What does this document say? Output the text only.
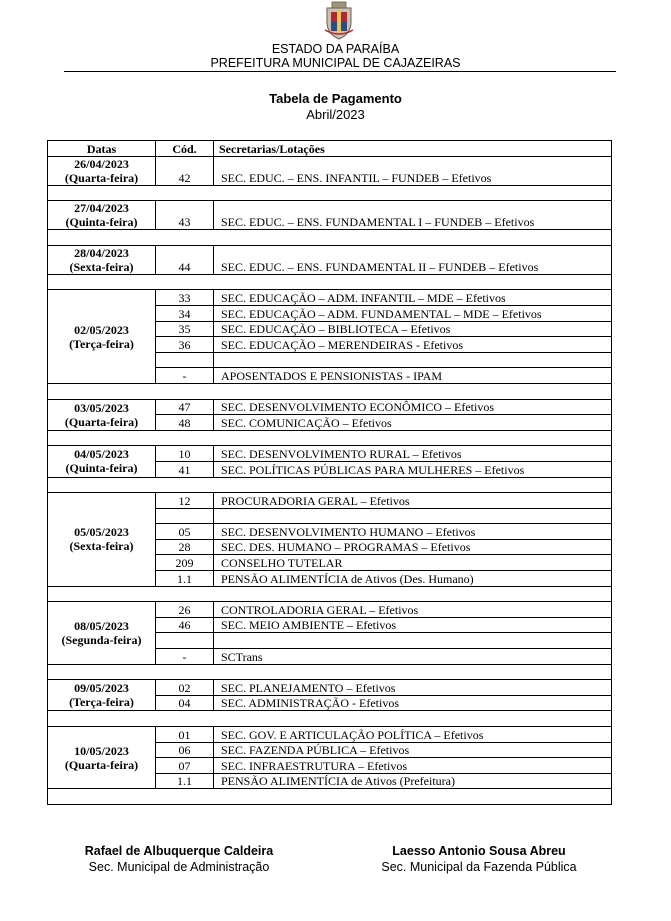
ESTADO DA PARAÍBA
PREFEITURA MUNICIPAL DE CAJAZEIRAS
Tabela de Pagamento
Abril/2023
Datas	Cód.	Secretarias/Lotações

26/04/2023
(Quarta-feira)	42	SEC. EDUC. – ENS. INFANTIL – FUNDEB – Efetivos

27/04/2023
(Quinta-feira)	43	SEC. EDUC. – ENS. FUNDAMENTAL I – FUNDEB – Efetivos

28/04/2023
(Sexta-feira)	44	SEC. EDUC. – ENS. FUNDAMENTAL II – FUNDEB – Efetivos

02/05/2023
(Terça-feira)	33	SEC. EDUCAÇÃO – ADM. INFANTIL – MDE – Efetivos
	34	SEC. EDUCAÇÃO – ADM. FUNDAMENTAL – MDE – Efetivos
	35	SEC. EDUCAÇÃO – BIBLIOTECA – Efetivos
	36	SEC. EDUCAÇÃO – MERENDEIRAS - Efetivos

	-	APOSENTADOS E PENSIONISTAS - IPAM

03/05/2023
(Quarta-feira)	47	SEC. DESENVOLVIMENTO ECONÔMICO – Efetivos
	48	SEC. COMUNICAÇÃO – Efetivos

04/05/2023
(Quinta-feira)	10	SEC. DESENVOLVIMENTO RURAL – Efetivos
	41	SEC. POLÍTICAS PÚBLICAS PARA MULHERES – Efetivos

05/05/2023
(Sexta-feira)	12	PROCURADORIA GERAL – Efetivos

	05	SEC. DESENVOLVIMENTO HUMANO – Efetivos
	28	SEC. DES. HUMANO – PROGRAMAS – Efetivos
	209	CONSELHO TUTELAR
	1.1	PENSÃO ALIMENTÍCIA de Ativos (Des. Humano)

08/05/2023
(Segunda-feira)	26	CONTROLADORIA GERAL – Efetivos
	46	SEC. MEIO AMBIENTE – Efetivos

	-	SCTrans

09/05/2023
(Terça-feira)	02	SEC. PLANEJAMENTO – Efetivos
	04	SEC. ADMINISTRAÇÃO - Efetivos

10/05/2023
(Quarta-feira)	01	SEC. GOV. E ARTICULAÇÃO POLÍTICA – Efetivos
	06	SEC. FAZENDA PÚBLICA – Efetivos
	07	SEC. INFRAESTRUTURA – Efetivos
	1.1	PENSÃO ALIMENTÍCIA de Ativos (Prefeitura)

Rafael de Albuquerque Caldeira
Sec. Municipal de Administração
Laesso Antonio Sousa Abreu
Sec. Municipal da Fazenda Pública
